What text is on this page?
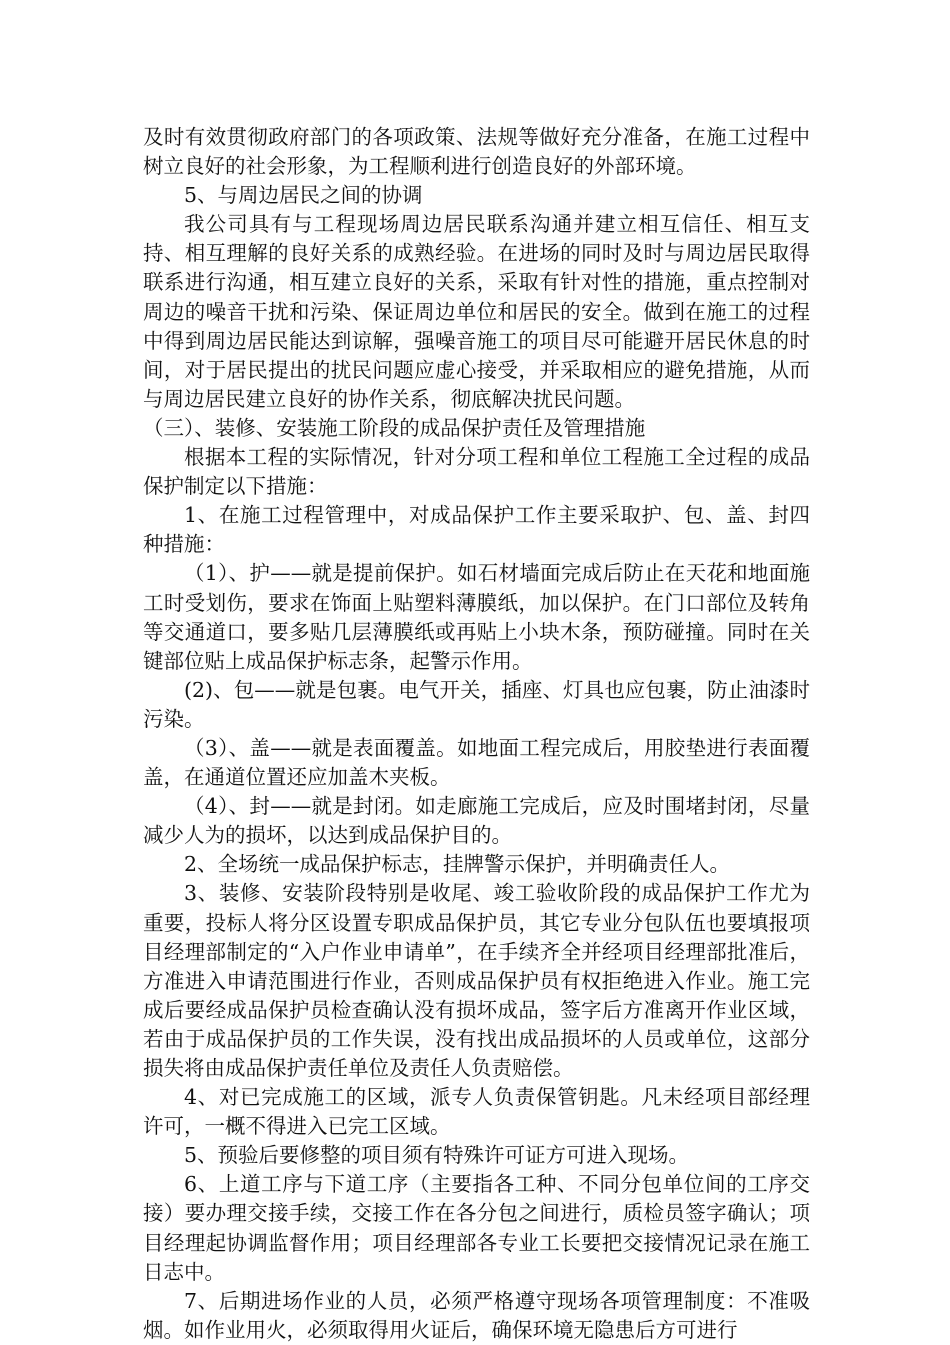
及时有效贯彻政府部门的各项政策、法规等做好充分准备，在施工过程中树立良好的社会形象，为工程顺利进行创造良好的外部环境。

5、与周边居民之间的协调

我公司具有与工程现场周边居民联系沟通并建立相互信任、相互支持、相互理解的良好关系的成熟经验。在进场的同时及时与周边居民取得联系进行沟通，相互建立良好的关系，采取有针对性的措施，重点控制对周边的噪音干扰和污染、保证周边单位和居民的安全。做到在施工的过程中得到周边居民能达到谅解，强噪音施工的项目尽可能避开居民休息的时间，对于居民提出的扰民问题应虚心接受，并采取相应的避免措施，从而与周边居民建立良好的协作关系，彻底解决扰民问题。

（三）、装修、安装施工阶段的成品保护责任及管理措施

根据本工程的实际情况，针对分项工程和单位工程施工全过程的成品保护制定以下措施：

1、在施工过程管理中，对成品保护工作主要采取护、包、盖、封四种措施：

（1）、护——就是提前保护。如石材墙面完成后防止在天花和地面施工时受划伤，要求在饰面上贴塑料薄膜纸，加以保护。在门口部位及转角等交通道口，要多贴几层薄膜纸或再贴上小块木条，预防碰撞。同时在关键部位贴上成品保护标志条，起警示作用。

(2)、包——就是包裹。电气开关，插座、灯具也应包裹，防止油漆时污染。

（3）、盖——就是表面覆盖。如地面工程完成后，用胶垫进行表面覆盖，在通道位置还应加盖木夹板。

（4）、封——就是封闭。如走廊施工完成后，应及时围堵封闭，尽量减少人为的损坏，以达到成品保护目的。

2、全场统一成品保护标志，挂牌警示保护，并明确责任人。

3、装修、安装阶段特别是收尾、竣工验收阶段的成品保护工作尤为重要，投标人将分区设置专职成品保护员，其它专业分包队伍也要填报项目经理部制定的“入户作业申请单”，在手续齐全并经项目经理部批准后，方准进入申请范围进行作业，否则成品保护员有权拒绝进入作业。施工完成后要经成品保护员检查确认没有损坏成品，签字后方准离开作业区域，若由于成品保护员的工作失误，没有找出成品损坏的人员或单位，这部分损失将由成品保护责任单位及责任人负责赔偿。

4、对已完成施工的区域，派专人负责保管钥匙。凡未经项目部经理许可，一概不得进入已完工区域。

5、预验后要修整的项目须有特殊许可证方可进入现场。

6、上道工序与下道工序（主要指各工种、不同分包单位间的工序交接）要办理交接手续，交接工作在各分包之间进行，质检员签字确认；项目经理起协调监督作用；项目经理部各专业工长要把交接情况记录在施工日志中。

7、后期进场作业的人员，必须严格遵守现场各项管理制度：不准吸烟。如作业用火，必须取得用火证后，确保环境无隐患后方可进行
